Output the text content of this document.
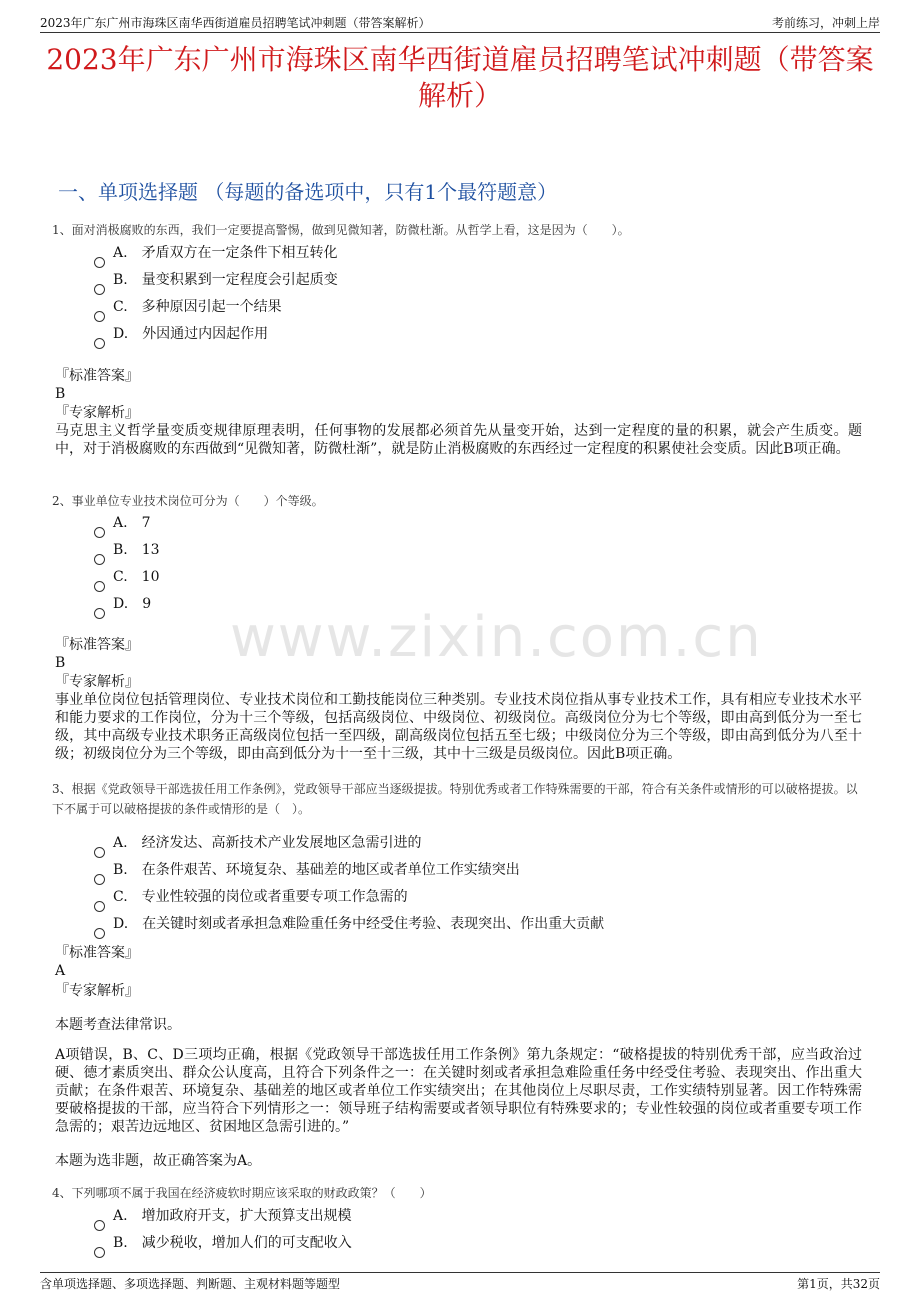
2023年广东广州市海珠区南华西街道雇员招聘笔试冲刺题（带答案解析）	考前练习，冲刺上岸
2023年广东广州市海珠区南华西街道雇员招聘笔试冲刺题（带答案解析）
一、单项选择题 （每题的备选项中，只有1个最符题意）
www.zixin.com.cn
1、面对消极腐败的东西，我们一定要提高警惕，做到见微知著，防微杜渐。从哲学上看，这是因为（　　）。
A. 矛盾双方在一定条件下相互转化
B. 量变积累到一定程度会引起质变
C. 多种原因引起一个结果
D. 外因通过内因起作用
『标准答案』
B
『专家解析』
马克思主义哲学量变质变规律原理表明，任何事物的发展都必须首先从量变开始，达到一定程度的量的积累，就会产生质变。题中，对于消极腐败的东西做到“见微知著，防微杜渐”，就是防止消极腐败的东西经过一定程度的积累使社会变质。因此B项正确。
2、事业单位专业技术岗位可分为（　　）个等级。
A. 7
B. 13
C. 10
D. 9
『标准答案』
B
『专家解析』
事业单位岗位包括管理岗位、专业技术岗位和工勤技能岗位三种类别。专业技术岗位指从事专业技术工作，具有相应专业技术水平和能力要求的工作岗位，分为十三个等级，包括高级岗位、中级岗位、初级岗位。高级岗位分为七个等级，即由高到低分为一至七级，其中高级专业技术职务正高级岗位包括一至四级，副高级岗位包括五至七级；中级岗位分为三个等级，即由高到低分为八至十级；初级岗位分为三个等级，即由高到低分为十一至十三级，其中十三级是员级岗位。因此B项正确。
3、根据《党政领导干部选拔任用工作条例》，党政领导干部应当逐级提拔。特别优秀或者工作特殊需要的干部，符合有关条件或情形的可以破格提拔。以下不属于可以破格提拔的条件或情形的是（　）。
A. 经济发达、高新技术产业发展地区急需引进的
B. 在条件艰苦、环境复杂、基础差的地区或者单位工作实绩突出
C. 专业性较强的岗位或者重要专项工作急需的
D. 在关键时刻或者承担急难险重任务中经受住考验、表现突出、作出重大贡献
『标准答案』
A
『专家解析』
本题考查法律常识。
A项错误，B、C、D三项均正确，根据《党政领导干部选拔任用工作条例》第九条规定：“破格提拔的特别优秀干部，应当政治过硬、德才素质突出、群众公认度高，且符合下列条件之一：在关键时刻或者承担急难险重任务中经受住考验、表现突出、作出重大贡献；在条件艰苦、环境复杂、基础差的地区或者单位工作实绩突出；在其他岗位上尽职尽责，工作实绩特别显著。因工作特殊需要破格提拔的干部，应当符合下列情形之一：领导班子结构需要或者领导职位有特殊要求的；专业性较强的岗位或者重要专项工作急需的；艰苦边远地区、贫困地区急需引进的。”
本题为选非题，故正确答案为A。
4、下列哪项不属于我国在经济疲软时期应该采取的财政政策？（　　）
A. 增加政府开支，扩大预算支出规模
B. 减少税收，增加人们的可支配收入
含单项选择题、多项选择题、判断题、主观材料题等题型	第1页，共32页
